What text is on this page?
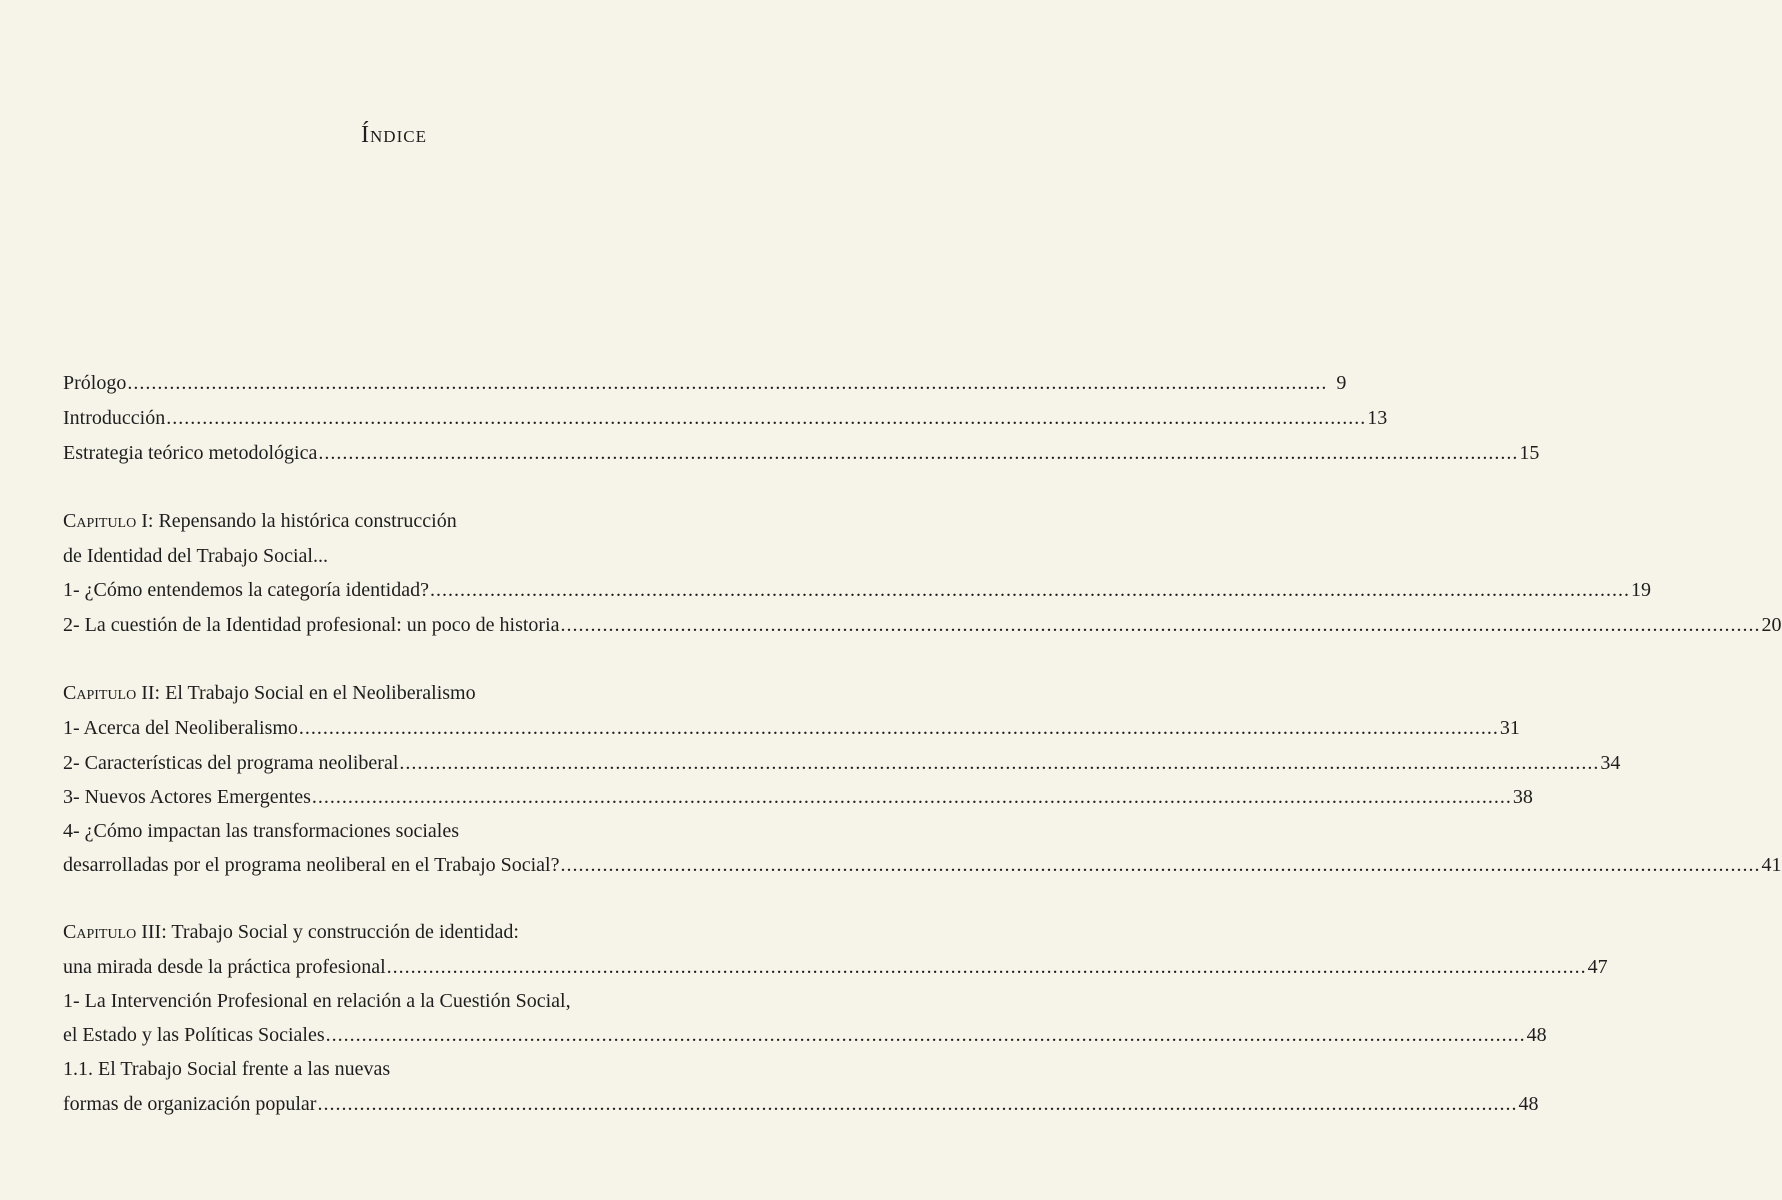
Índice
Prólogo ........................................................................................................................................................................................................ 9
Introducción ........................................................................................................................................................................................................ 13
Estrategia teórico metodológica ........................................................................................................................................................................................................ 15
Capitulo I: Repensando la histórica construcción
de Identidad del Trabajo Social...
1- ¿Cómo entendemos la categoría identidad? ........................................................................................................................................................................................................ 19
2- La cuestión de la Identidad profesional: un poco de historia ........................................................................................................................................................................................................ 20
Capitulo II: El Trabajo Social en el Neoliberalismo
1- Acerca del Neoliberalismo ........................................................................................................................................................................................................ 31
2- Características del programa neoliberal ........................................................................................................................................................................................................ 34
3- Nuevos Actores Emergentes ........................................................................................................................................................................................................ 38
4- ¿Cómo impactan las transformaciones sociales
desarrolladas por el programa neoliberal en el Trabajo Social? ........................................................................................................................................................................................................ 41
Capitulo III: Trabajo Social y construcción de identidad:
una mirada desde la práctica profesional ........................................................................................................................................................................................................ 47
1- La Intervención Profesional en relación a la Cuestión Social,
el Estado y las Políticas Sociales ........................................................................................................................................................................................................ 48
1.1. El Trabajo Social frente a las nuevas
formas de organización popular ........................................................................................................................................................................................................ 48
